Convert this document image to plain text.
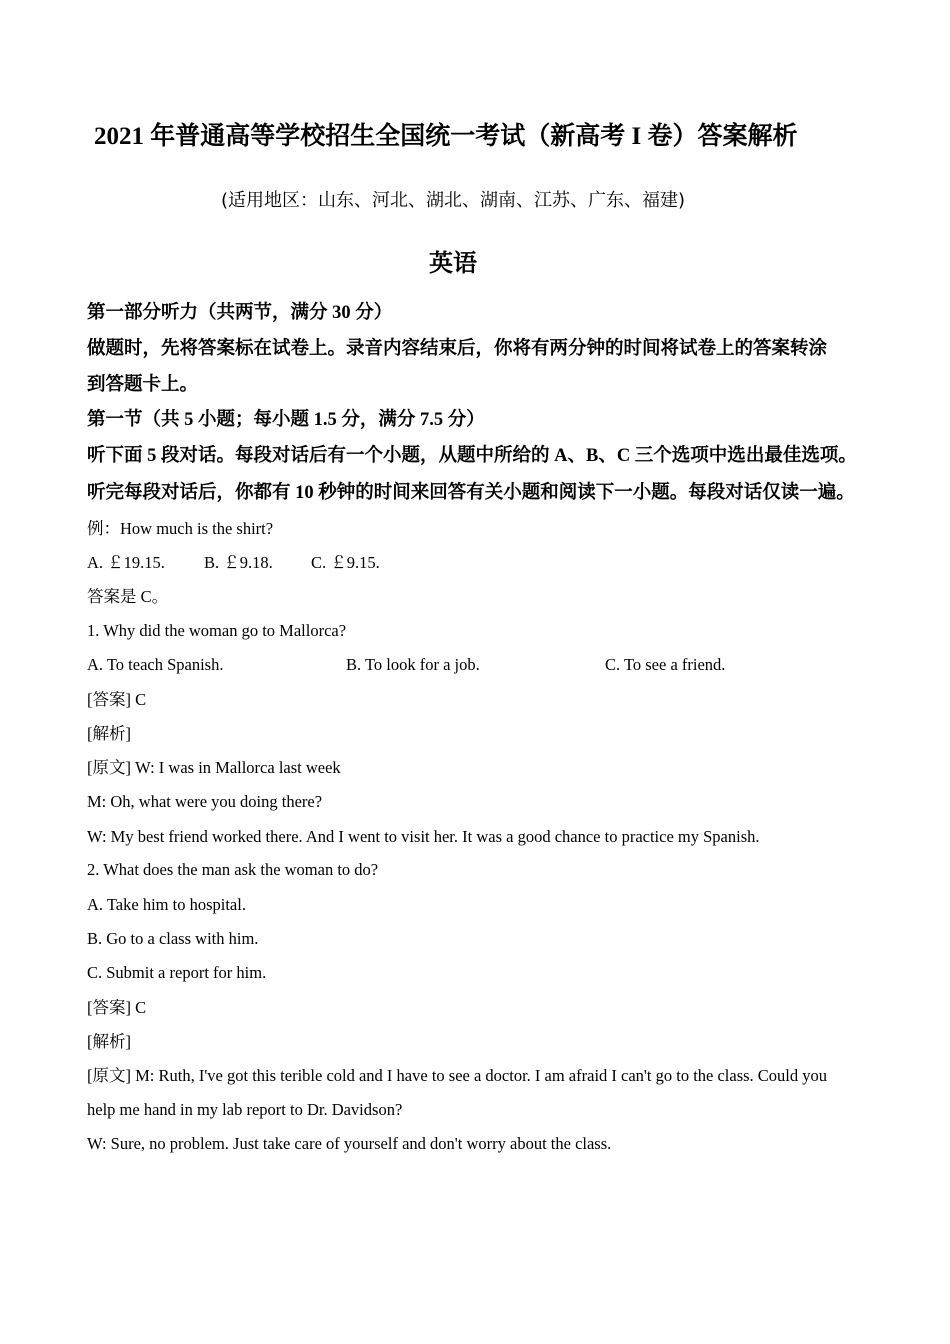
2021 年普通高等学校招生全国统一考试（新高考 I 卷）答案解析
(适用地区：山东、河北、湖北、湖南、江苏、广东、福建)
英语
第一部分听力（共两节，满分 30 分）
做题时，先将答案标在试卷上。录音内容结束后，你将有两分钟的时间将试卷上的答案转涂
到答题卡上。
第一节（共 5 小题；每小题 1.5 分，满分 7.5 分）
听下面 5 段对话。每段对话后有一个小题，从题中所给的 A、B、C 三个选项中选出最佳选项。
听完每段对话后，你都有 10 秒钟的时间来回答有关小题和阅读下一小题。每段对话仅读一遍。
例：How much is the shirt?
A. ￡19.15. B. ￡9.18. C. ￡9.15.
答案是 C。
1. Why did the woman go to Mallorca?
A. To teach Spanish.	B. To look for a job.	C. To see a friend.
[答案] C
[解析]
[原文] W: I was in Mallorca last week
M: Oh, what were you doing there?
W: My best friend worked there. And I went to visit her. It was a good chance to practice my Spanish.
2. What does the man ask the woman to do?
A. Take him to hospital.
B. Go to a class with him.
C. Submit a report for him.
[答案] C
[解析]
[原文] M: Ruth, I've got this terible cold and I have to see a doctor. I am afraid I can't go to the class. Could you
help me hand in my lab report to Dr. Davidson?
W: Sure, no problem. Just take care of yourself and don't worry about the class.
